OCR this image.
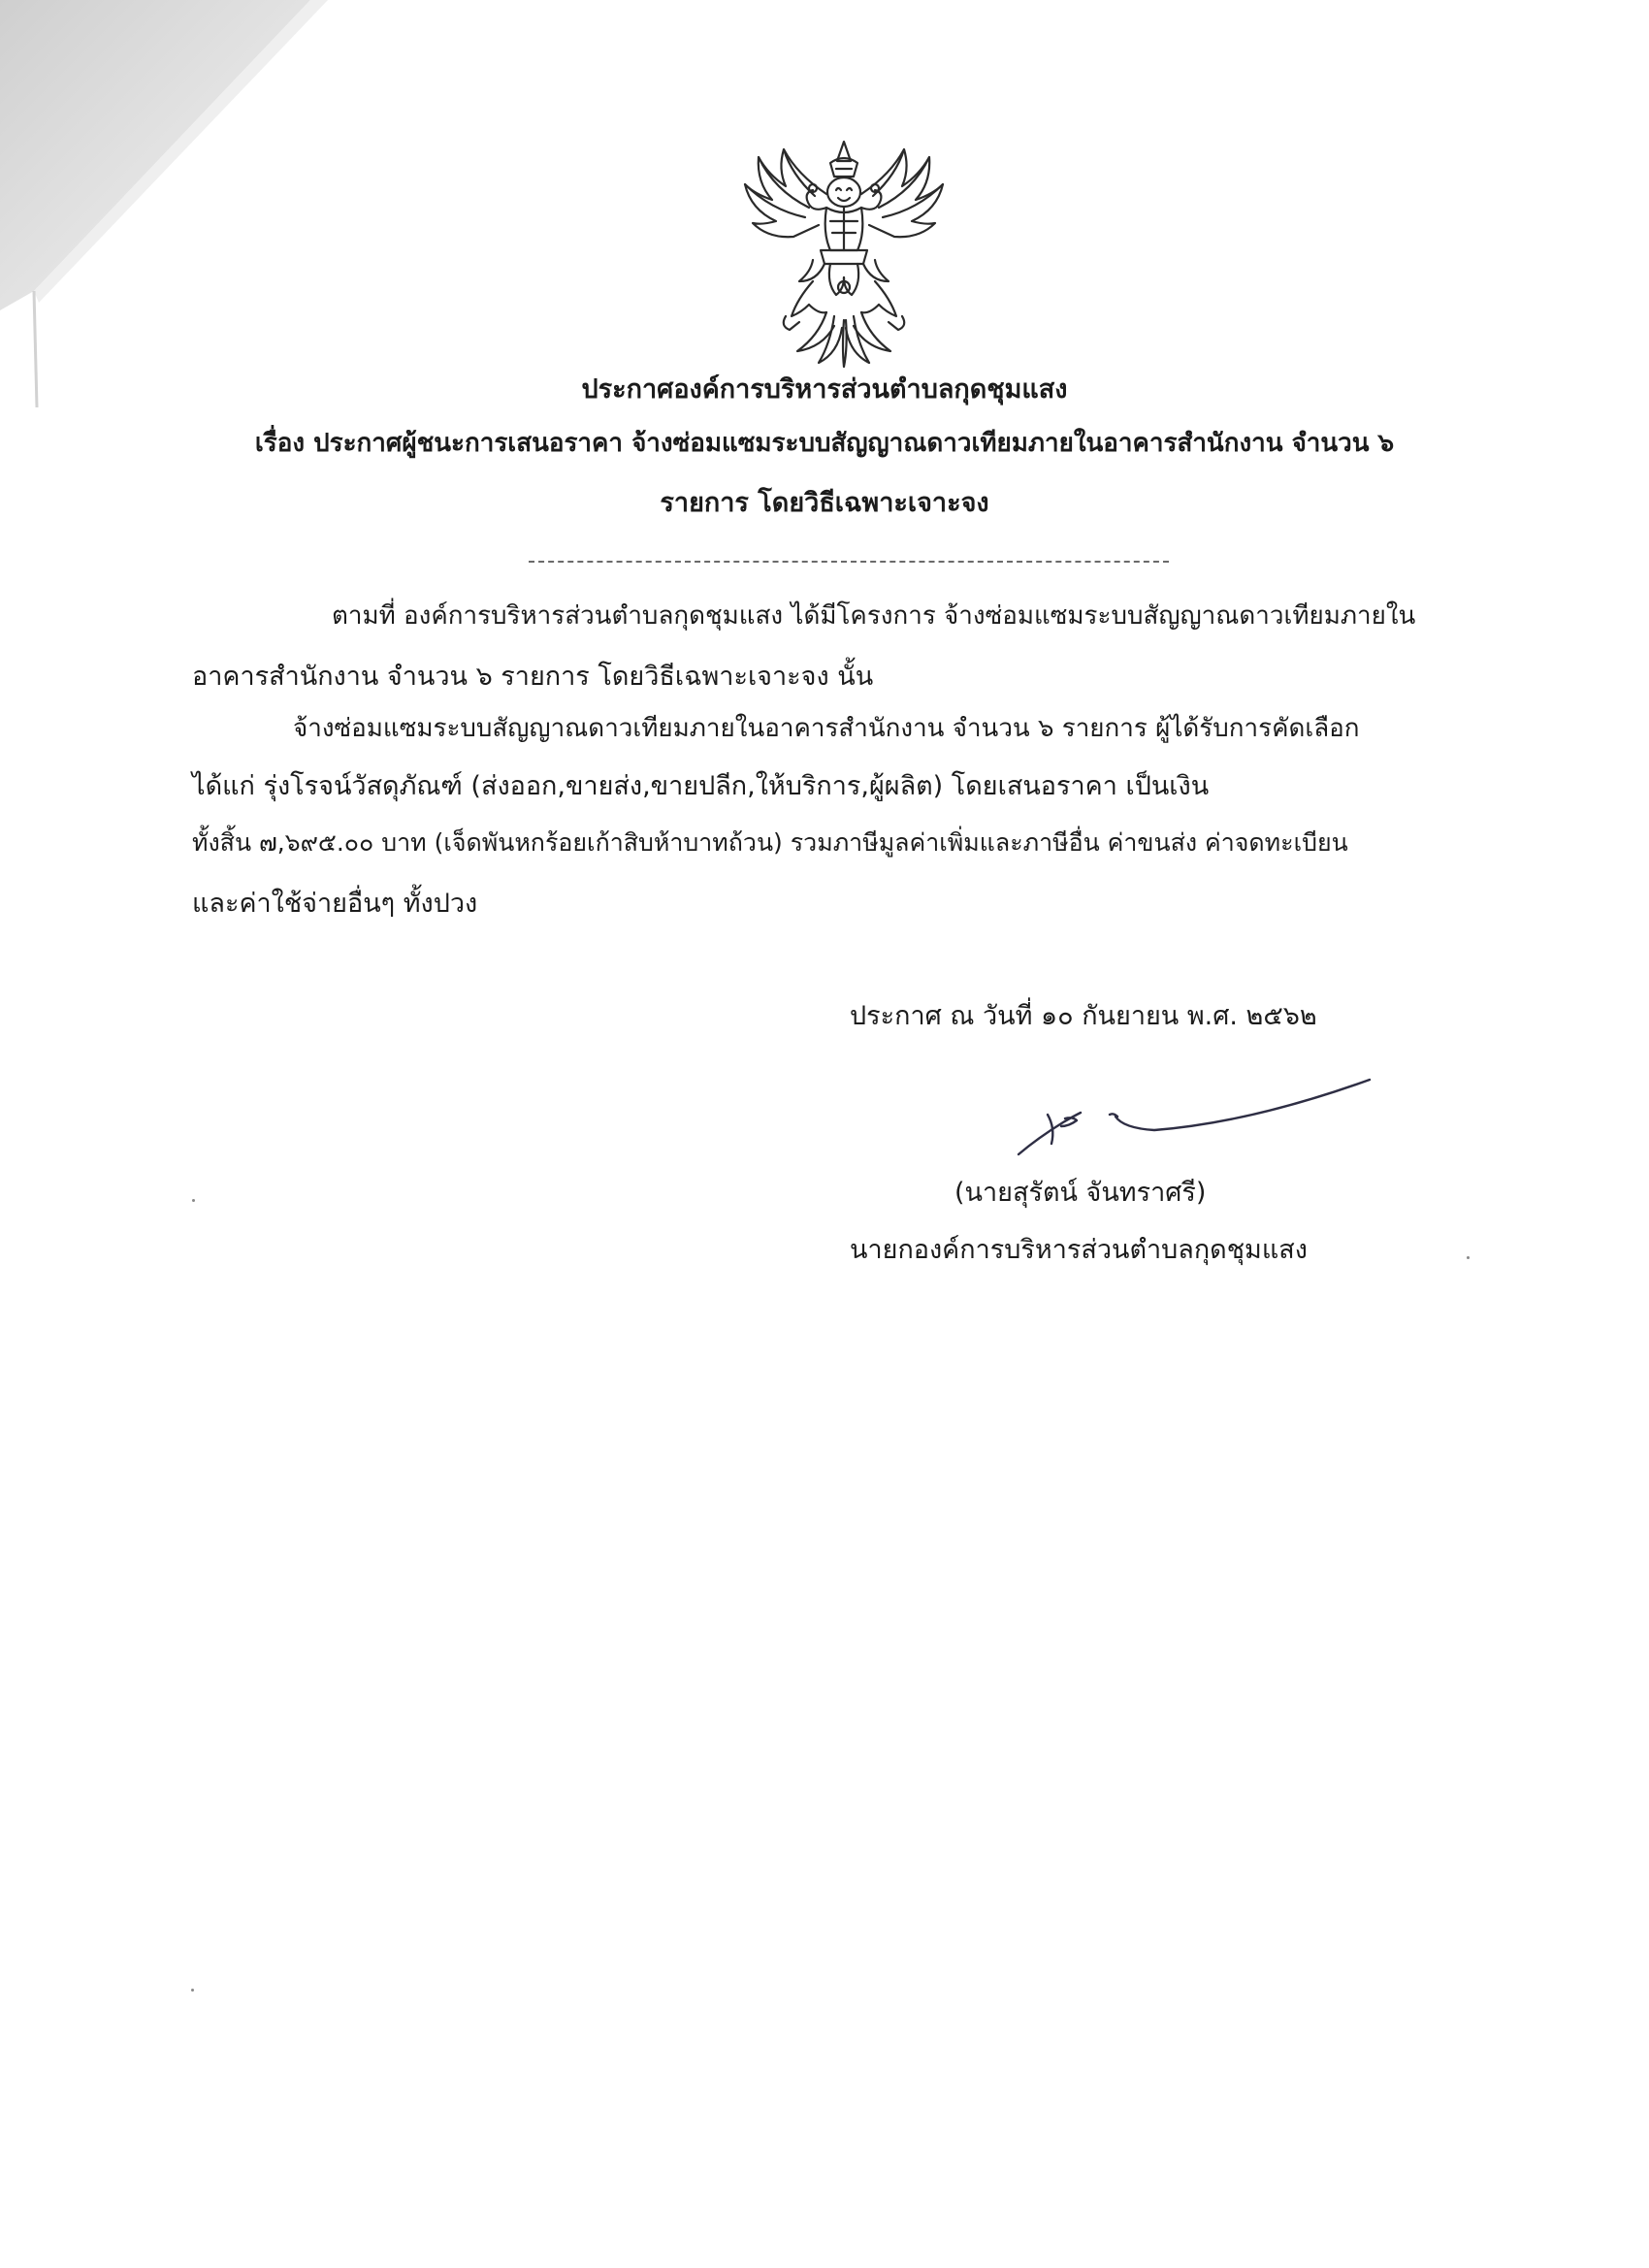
ประกาศองค์การบริหารส่วนตำบลกุดชุมแสง
เรื่อง ประกาศผู้ชนะการเสนอราคา จ้างซ่อมแซมระบบสัญญาณดาวเทียมภายในอาคารสำนักงาน จำนวน ๖
รายการ โดยวิธีเฉพาะเจาะจง
ตามที่ องค์การบริหารส่วนตำบลกุดชุมแสง ได้มีโครงการ จ้างซ่อมแซมระบบสัญญาณดาวเทียมภายใน
อาคารสำนักงาน จำนวน ๖ รายการ โดยวิธีเฉพาะเจาะจง นั้น
จ้างซ่อมแซมระบบสัญญาณดาวเทียมภายในอาคารสำนักงาน จำนวน ๖ รายการ ผู้ได้รับการคัดเลือก
ได้แก่ รุ่งโรจน์วัสดุภัณฑ์ (ส่งออก,ขายส่ง,ขายปลีก,ให้บริการ,ผู้ผลิต) โดยเสนอราคา เป็นเงิน
ทั้งสิ้น ๗,๖๙๕.๐๐ บาท (เจ็ดพันหกร้อยเก้าสิบห้าบาทถ้วน) รวมภาษีมูลค่าเพิ่มและภาษีอื่น ค่าขนส่ง ค่าจดทะเบียน
และค่าใช้จ่ายอื่นๆ ทั้งปวง
ประกาศ ณ วันที่ ๑๐ กันยายน พ.ศ. ๒๕๖๒
(นายสุรัตน์ จันทราศรี)
นายกองค์การบริหารส่วนตำบลกุดชุมแสง
